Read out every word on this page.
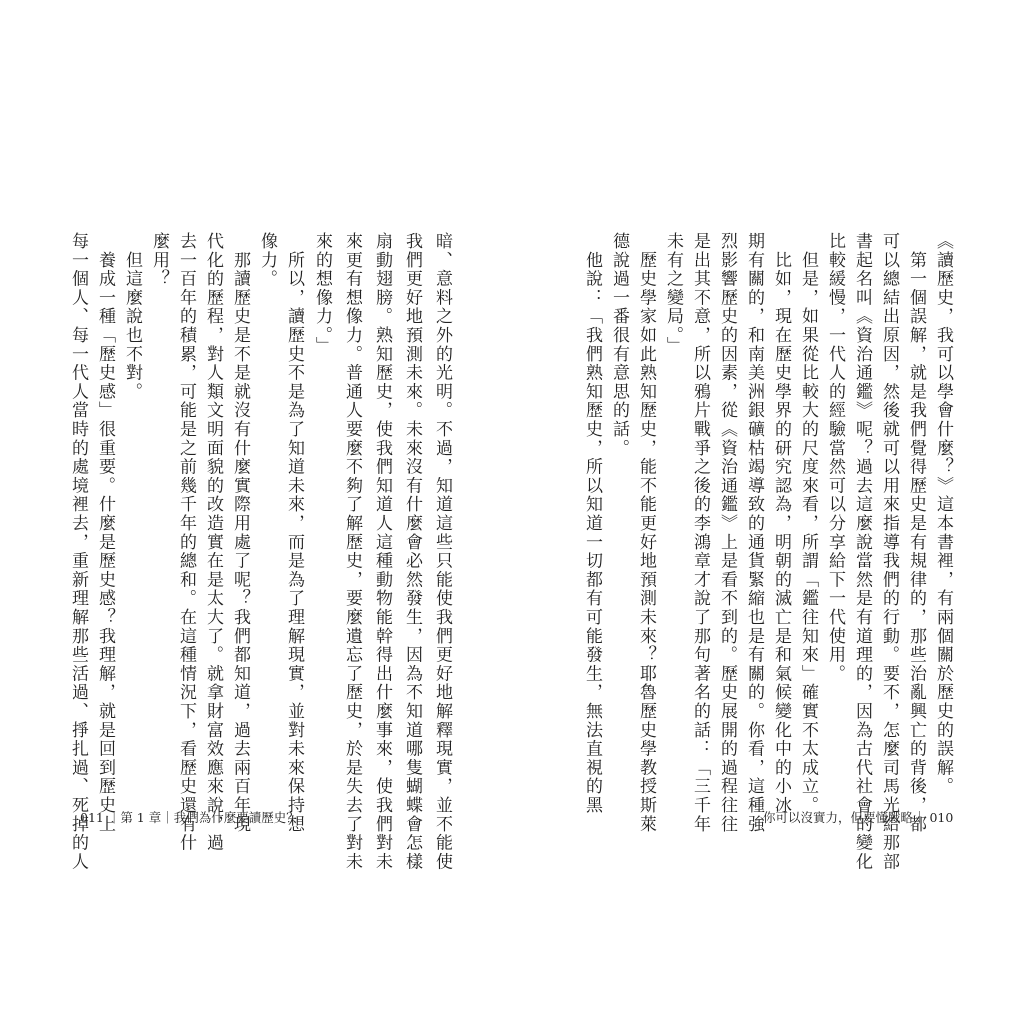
暗、意料之外的光明。不過，知道這些只能使我們更好地解釋現實，並不能使
我們更好地預測未來。未來沒有什麼會必然發生，因為不知道哪隻蝴蝶會怎樣
扇動翅膀。熟知歷史，使我們知道人這種動物能幹得出什麼事來，使我們對未
來更有想像力。普通人要麼不夠了解歷史，要麼遺忘了歷史，於是失去了對未
來的想像力。」
　所以，讀歷史不是為了知道未來，而是為了理解現實，並對未來保持想
像力。
　那讀歷史是不是就沒有什麼實際用處了呢？我們都知道，過去兩百年現
代化的歷程，對人類文明面貌的改造實在是太大了。就拿財富效應來說，過
去一百年的積累，可能是之前幾千年的總和。在這種情況下，看歷史還有什
麼用？
　但這麼說也不對。
　養成一種「歷史感」很重要。什麼是歷史感？我理解，就是回到歷史上
每一個人、每一代人當時的處境裡去，重新理解那些活過、掙扎過、死掉的人
011 ｜第 1 章｜我們為什麼要讀歷史？
《讀歷史，我可以學會什麼？》這本書裡，有兩個關於歷史的誤解。
　第一個誤解，就是我們覺得歷史是有規律的，那些治亂興亡的背後，都
可以總結出原因，然後就可以用來指導我們的行動。要不，怎麼司馬光給那部
書起名叫《資治通鑑》呢？過去這麼說當然是有道理的，因為古代社會的變化
比較緩慢，一代人的經驗當然可以分享給下一代使用。
　但是，如果從比較大的尺度來看，所謂「鑑往知來」確實不太成立。
　比如，現在歷史學界的研究認為，明朝的滅亡是和氣候變化中的小冰
期有關的，和南美洲銀礦枯竭導致的通貨緊縮也是有關的。你看，這種強
烈影響歷史的因素，從《資治通鑑》上是看不到的。歷史展開的過程往往
是出其不意，所以鴉片戰爭之後的李鴻章才說了那句著名的話：「三千年
未有之變局。」
　歷史學家如此熟知歷史，能不能更好地預測未來？耶魯歷史學教授斯萊
德說過一番很有意思的話。
　他說：「我們熟知歷史，所以知道一切都有可能發生，無法直視的黑
你可以沒實力，但要懂戰略｜ 010
